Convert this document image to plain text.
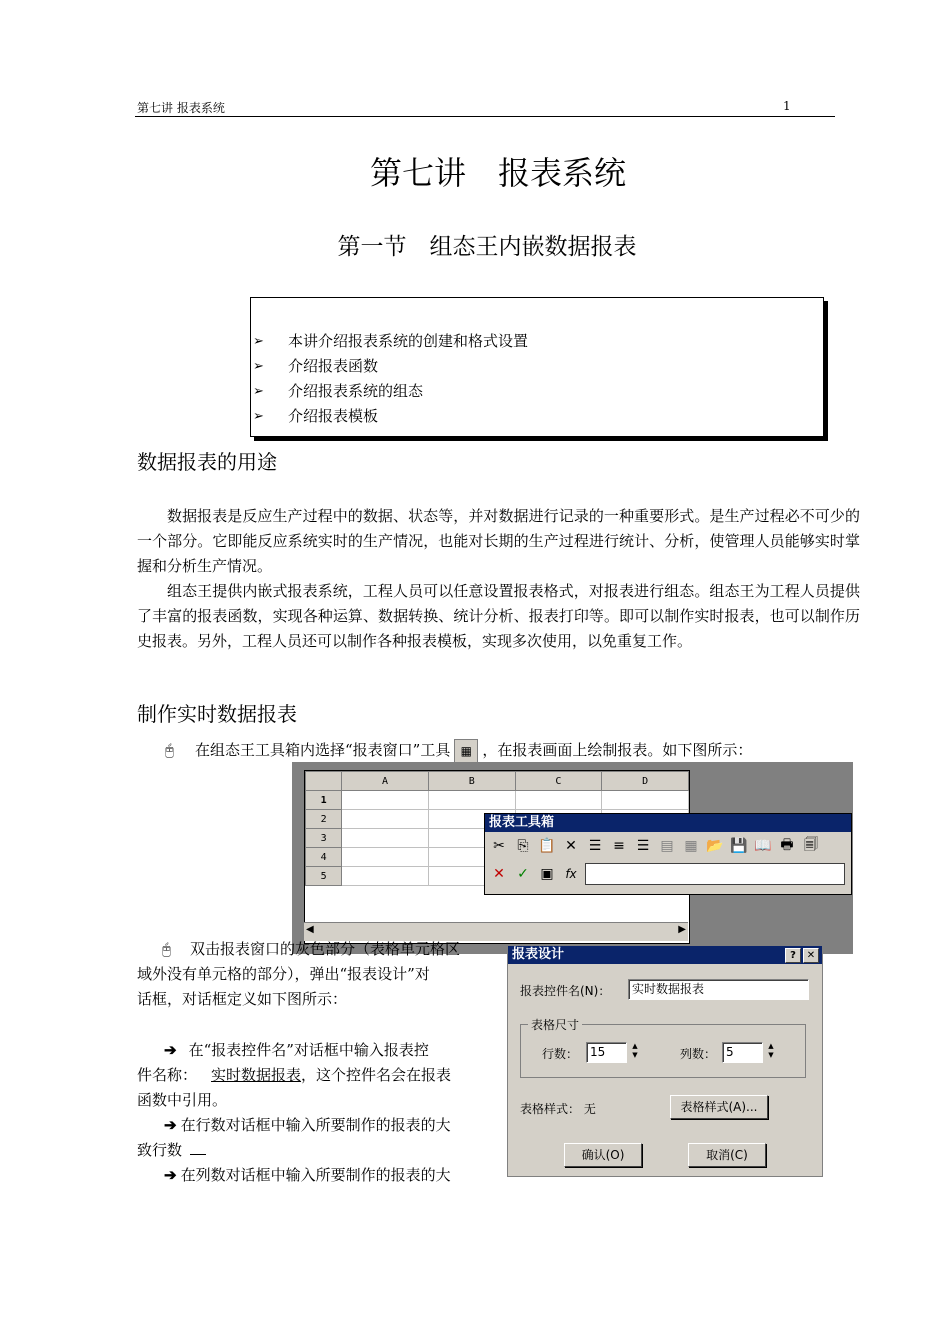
第七讲 报表系统	1
第七讲　报表系统
第一节　组态王内嵌数据报表
➢	本讲介绍报表系统的创建和格式设置
➢	介绍报表函数
➢	介绍报表系统的组态
➢	介绍报表模板
数据报表的用途

数据报表是反应生产过程中的数据、状态等，并对数据进行记录的一种重要形式。是生产过程必不可少的一个部分。它即能反应系统实时的生产情况，也能对长期的生产过程进行统计、分析，使管理人员能够实时掌握和分析生产情况。

组态王提供内嵌式报表系统，工程人员可以任意设置报表格式，对报表进行组态。组态王为工程人员提供了丰富的报表函数，实现各种运算、数据转换、统计分析、报表打印等。即可以制作实时报表，也可以制作历史报表。另外，工程人员还可以制作各种报表模板，实现多次使用，以免重复工作。

制作实时数据报表
🖰 在组态王工具箱内选择“报表窗口”工具 ▦ ，在报表画面上绘制报表。如下图所示：
	A	B	C	D
1				
2				
3				
4				
5				
◀	▶
报表工具箱
✂ ⎘ 📋 ✕ ☰ ≡ ☰ ▤ ▦ 📂 💾 📖 🖶 🗐
✕ ✓ ▣ fx
🖰 双击报表窗口的灰色部分（表格单元格区
域外没有单元格的部分），弹出“报表设计”对
话框，对话框定义如下图所示：
➔ 在“报表控件名”对话框中输入报表控
件名称： 实时数据报表，这个控件名会在报表
函数中引用。
➔ 在行数对话框中输入所要制作的报表的大
致行数
➔ 在列数对话框中输入所要制作的报表的大
报表设计	?	✕
报表控件名(N)：	实时数据报表
表格尺寸
行数： 15	▲
▼	列数： 5	▲
▼
表格样式： 无	表格样式(A)...
确认(O)	取消(C)
